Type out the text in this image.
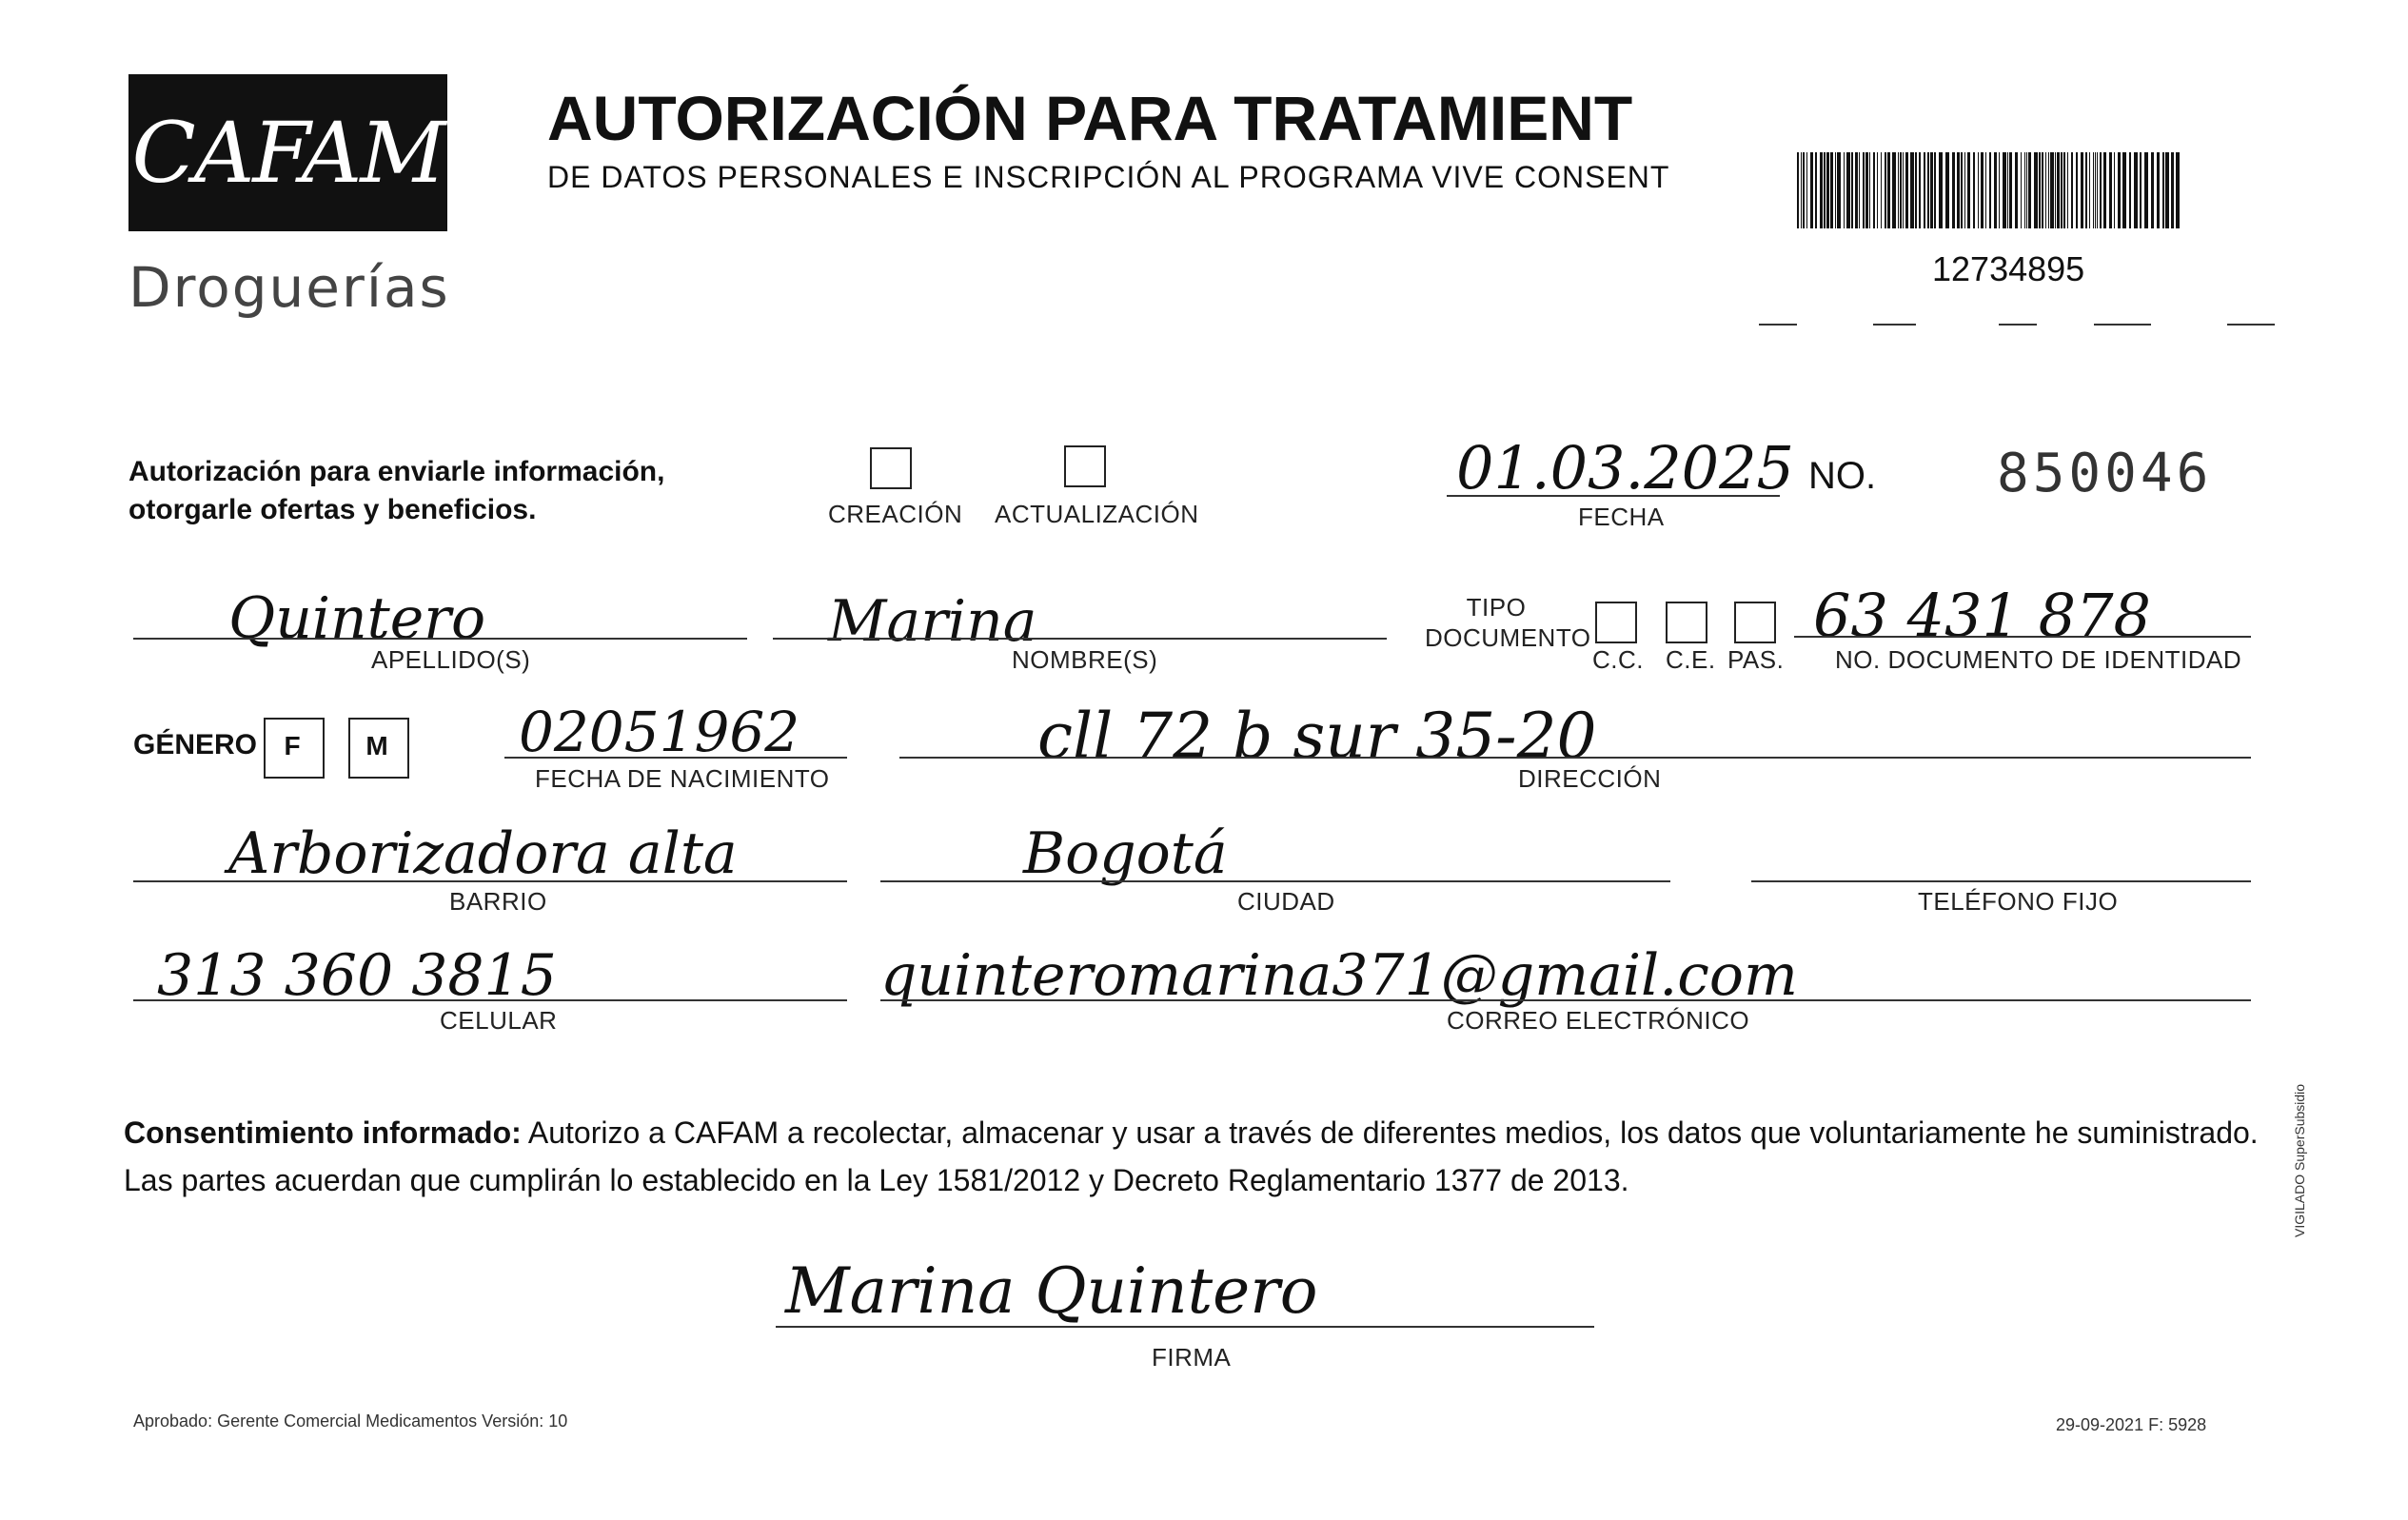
CAFAM
Droguerías
AUTORIZACIÓN PARA TRATAMIENT
DE DATOS PERSONALES E INSCRIPCIÓN AL PROGRAMA VIVE CONSENT
12734895
Autorización para enviarle información, otorgarle ofertas y beneficios.	CREACIÓN ACTUALIZACIÓN
01.03.2025
FECHA
NO. 850046
Quintero
APELLIDO(S)
Marina
NOMBRE(S)
TIPO DOCUMENTO
C.C. C.E. PAS.
63 431 878
NO. DOCUMENTO DE IDENTIDAD
GÉNERO	F	M	02051962
FECHA DE NACIMIENTO
cll 72 b sur 35-20
DIRECCIÓN
Arborizadora alta
BARRIO
Bogotá
CIUDAD	TELÉFONO FIJO
313 360 3815
CELULAR
quinteromarina371@gmail.com
CORREO ELECTRÓNICO
Consentimiento informado: Autorizo a CAFAM a recolectar, almacenar y usar a través de diferentes medios, los datos que voluntariamente he suministrado. Las partes acuerdan que cumplirán lo establecido en la Ley 1581/2012 y Decreto Reglamentario 1377 de 2013.
Marina Quintero
FIRMA
Aprobado: Gerente Comercial Medicamentos Versión: 10	29-09-2021 F: 5928
VIGILADO SuperSubsidio
